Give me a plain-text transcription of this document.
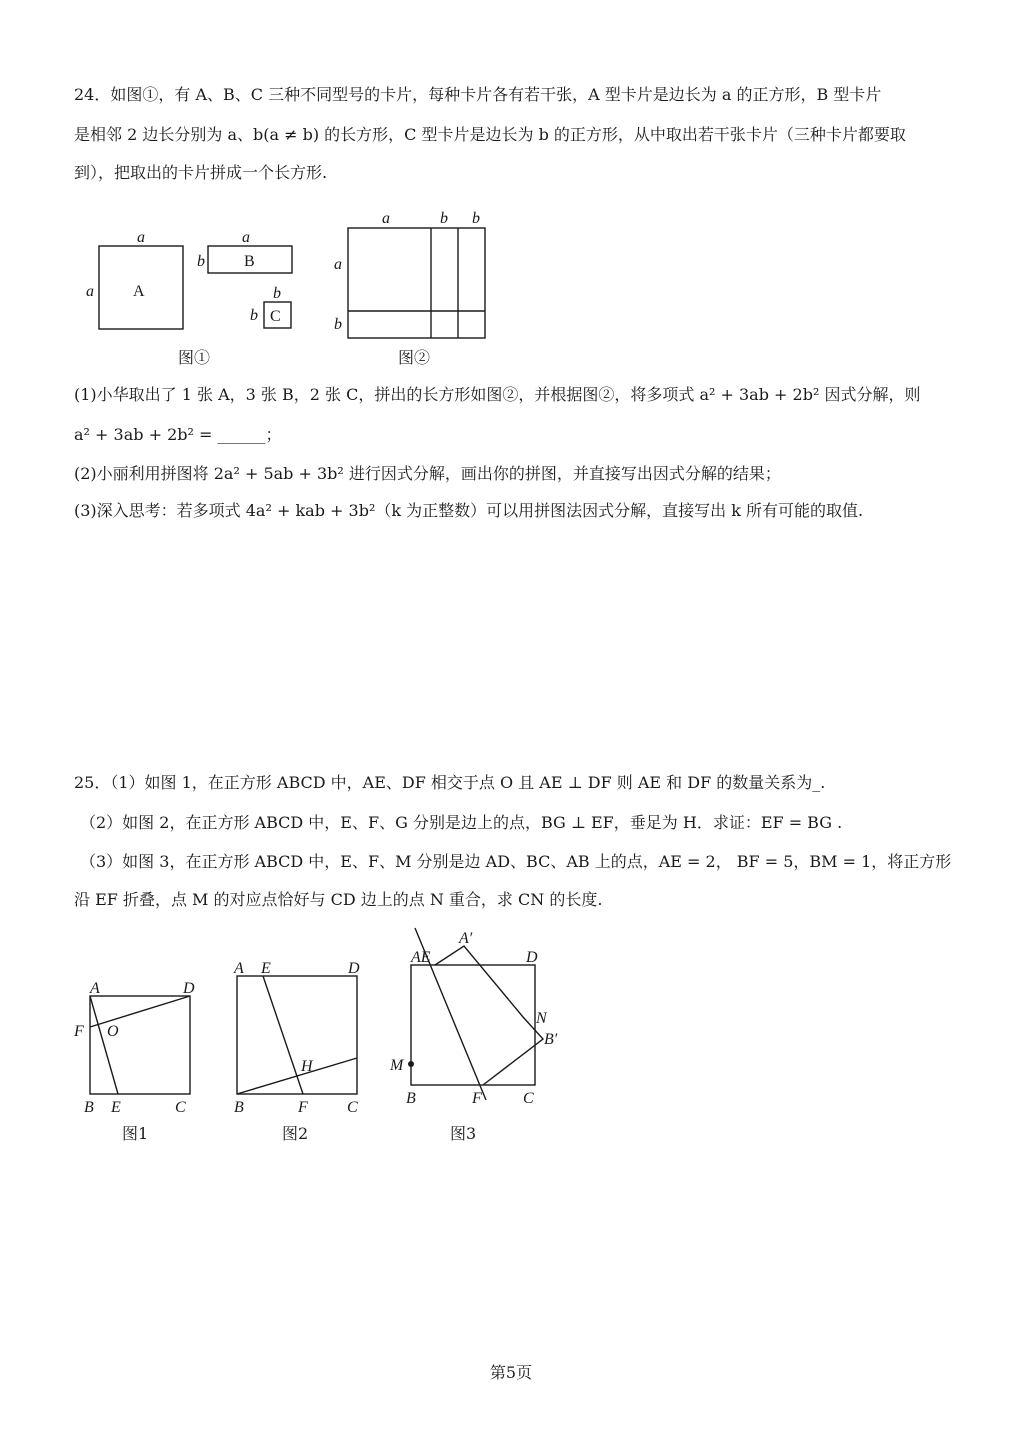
24．如图①，有 A、B、C 三种不同型号的卡片，每种卡片各有若干张，A 型卡片是边长为 a 的正方形，B 型卡片
是相邻 2 边长分别为 a、b(a ≠ b) 的长方形，C 型卡片是边长为 b 的正方形，从中取出若干张卡片（三种卡片都要取
到），把取出的卡片拼成一个长方形.
a
a A
a
b B
b
b C
图①
a	b b
a
b
图②
(1)小华取出了 1 张 A，3 张 B，2 张 C，拼出的长方形如图②，并根据图②，将多项式 a² + 3ab + 2b² 因式分解，则
a² + 3ab + 2b² = ______；
(2)小丽利用拼图将 2a² + 5ab + 3b² 进行因式分解，画出你的拼图，并直接写出因式分解的结果；
(3)深入思考：若多项式 4a² + kab + 3b²（k 为正整数）可以用拼图法因式分解，直接写出 k 所有可能的取值.
25．（1）如图 1，在正方形 ABCD 中，AE、DF 相交于点 O 且 AE ⊥ DF 则 AE 和 DF 的数量关系为_.
（2）如图 2，在正方形 ABCD 中，E、F、G 分别是边上的点，BG ⊥ EF，垂足为 H．求证：EF = BG .
（3）如图 3，在正方形 ABCD 中，E、F、M 分别是边 AD、BC、AB 上的点，AE = 2， BF = 5，BM = 1，将正方形
沿 EF 折叠，点 M 的对应点恰好与 CD 边上的点 N 重合，求 CN 的长度.
A	D
F O
B E	C
图1
A E	D
H
B	F C
图2
AE
A′
D
N
B′
M
B	F	C
图3
第5页
